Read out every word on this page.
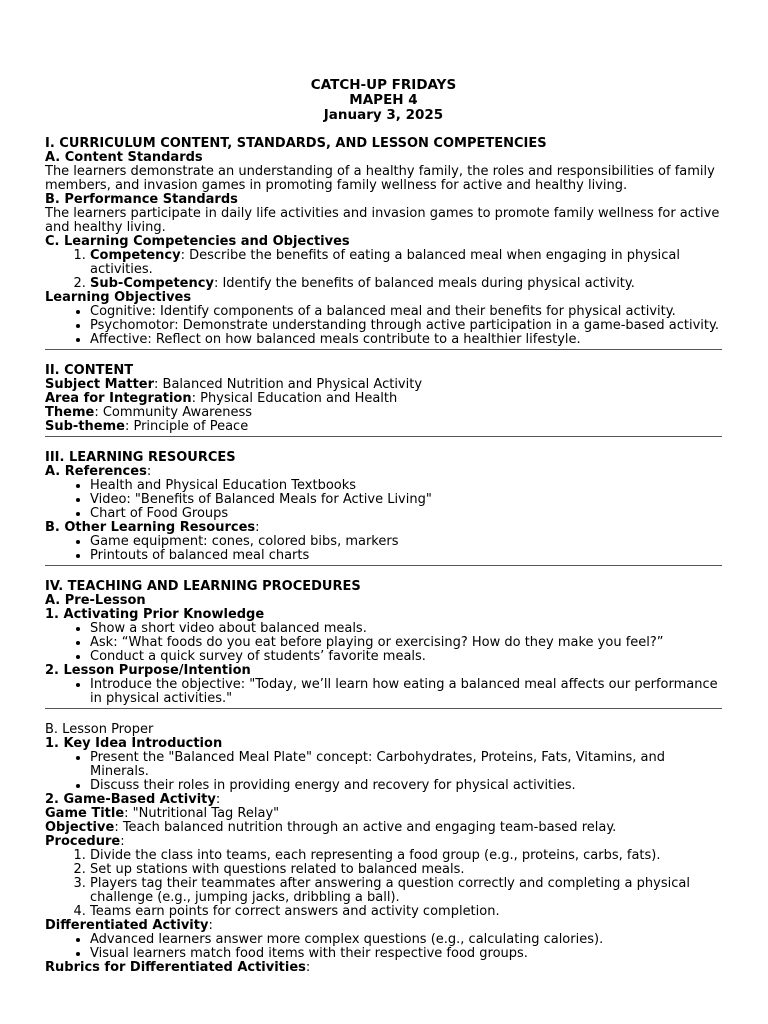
CATCH-UP FRIDAYS
MAPEH 4
January 3, 2025

I. CURRICULUM CONTENT, STANDARDS, AND LESSON COMPETENCIES

A. Content Standards

The learners demonstrate an understanding of a healthy family, the roles and responsibilities of family members, and invasion games in promoting family wellness for active and healthy living.

B. Performance Standards

The learners participate in daily life activities and invasion games to promote family wellness for active and healthy living.

C. Learning Competencies and Objectives

1. Competency: Describe the benefits of eating a balanced meal when engaging in physical activities.
2. Sub-Competency: Identify the benefits of balanced meals during physical activity.

Learning Objectives

• Cognitive: Identify components of a balanced meal and their benefits for physical activity.
• Psychomotor: Demonstrate understanding through active participation in a game-based activity.
• Affective: Reflect on how balanced meals contribute to a healthier lifestyle.

II. CONTENT

Subject Matter: Balanced Nutrition and Physical Activity

Area for Integration: Physical Education and Health

Theme: Community Awareness

Sub-theme: Principle of Peace

III. LEARNING RESOURCES

A. References:

• Health and Physical Education Textbooks
• Video: "Benefits of Balanced Meals for Active Living"
• Chart of Food Groups

B. Other Learning Resources:

• Game equipment: cones, colored bibs, markers
• Printouts of balanced meal charts

IV. TEACHING AND LEARNING PROCEDURES

A. Pre-Lesson

1. Activating Prior Knowledge

• Show a short video about balanced meals.
• Ask: “What foods do you eat before playing or exercising? How do they make you feel?”
• Conduct a quick survey of students’ favorite meals.

2. Lesson Purpose/Intention

• Introduce the objective: "Today, we’ll learn how eating a balanced meal affects our performance in physical activities."

B. Lesson Proper

1. Key Idea Introduction

• Present the "Balanced Meal Plate" concept: Carbohydrates, Proteins, Fats, Vitamins, and Minerals.
• Discuss their roles in providing energy and recovery for physical activities.

2. Game-Based Activity:

Game Title: "Nutritional Tag Relay"

Objective: Teach balanced nutrition through an active and engaging team-based relay.

Procedure:

1. Divide the class into teams, each representing a food group (e.g., proteins, carbs, fats).
2. Set up stations with questions related to balanced meals.
3. Players tag their teammates after answering a question correctly and completing a physical challenge (e.g., jumping jacks, dribbling a ball).
4. Teams earn points for correct answers and activity completion.

Differentiated Activity:

• Advanced learners answer more complex questions (e.g., calculating calories).
• Visual learners match food items with their respective food groups.

Rubrics for Differentiated Activities:
